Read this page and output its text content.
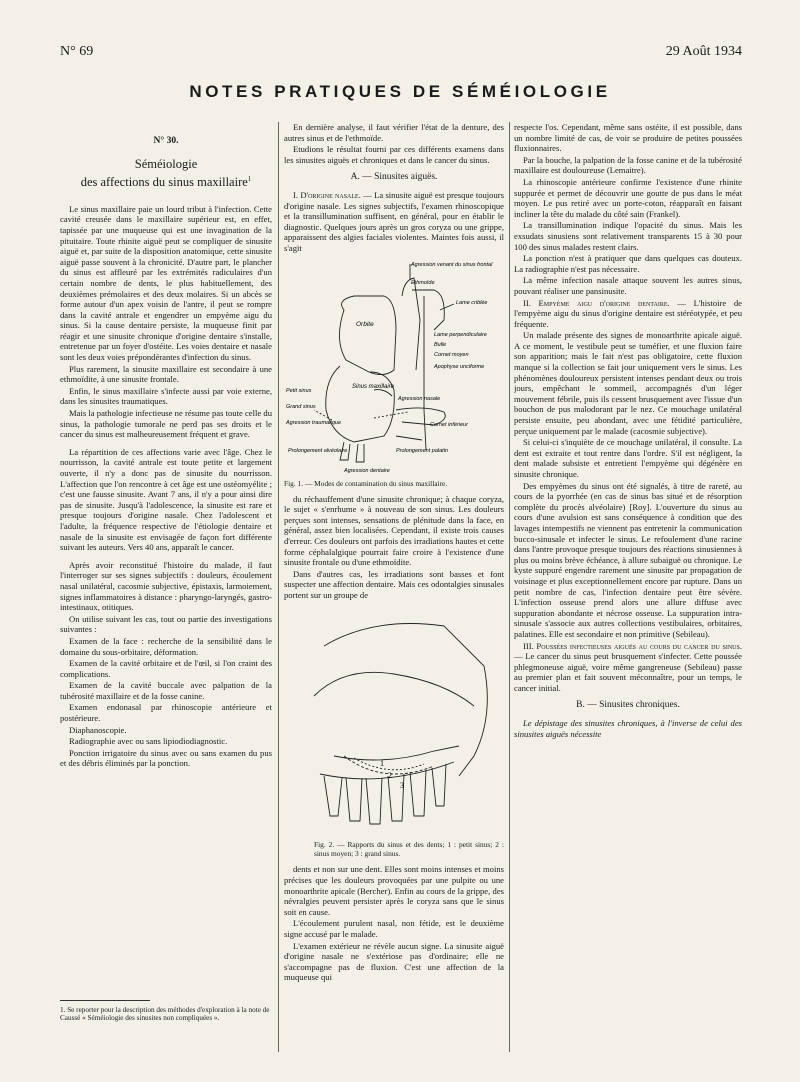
N° 69	29 Août 1934
NOTES PRATIQUES DE SÉMÉIOLOGIE
N° 30.
Séméiologie
des affections du sinus maxillaire$^1$

Le sinus maxillaire paie un lourd tribut à l'infection. Cette cavité creusée dans le maxillaire supérieur est, en effet, tapissée par une muqueuse qui est une invagination de la pituitaire. Toute rhinite aiguë peut se compliquer de sinusite aiguë et, par suite de la disposition anatomique, cette sinusite aiguë passe souvent à la chronicité. D'autre part, le plancher du sinus est affleuré par les extrémités radiculaires d'un certain nombre de dents, le plus habituellement, des deuxièmes prémolaires et des deux molaires. Si un abcès se forme autour d'un apex voisin de l'antre, il peut se rompre dans la cavité antrale et engendrer un empyème aigu du sinus. Si la cause dentaire persiste, la muqueuse finit par réagir et une sinusite chronique d'origine dentaire s'installe, entretenue par un foyer d'ostéite. Les voies dentaire et nasale sont les deux voies prépondérantes d'infection du sinus.

Plus rarement, la sinusite maxillaire est secondaire à une ethmoïdite, à une sinusite frontale.

Enfin, le sinus maxillaire s'infecte aussi par voie externe, dans les sinusites traumatiques.

Mais la pathologie infectieuse ne résume pas toute celle du sinus, la pathologie tumorale ne perd pas ses droits et le cancer du sinus est malheureusement fréquent et grave.

La répartition de ces affections varie avec l'âge. Chez le nourrisson, la cavité antrale est toute petite et largement ouverte, il n'y a donc pas de sinusite du nourrisson. L'affection que l'on rencontre à cet âge est une ostéomyélite ; c'est une fausse sinusite. Avant 7 ans, il n'y a pour ainsi dire pas de sinusite. Jusqu'à l'adolescence, la sinusite est rare et presque toujours d'origine nasale. Chez l'adolescent et l'adulte, la fréquence respective de l'étiologie dentaire et nasale de la sinusite est envisagée de façon fort différente suivant les auteurs. Vers 40 ans, apparaît le cancer.

Après avoir reconstitué l'histoire du malade, il faut l'interroger sur ses signes subjectifs : douleurs, écoulement nasal unilatéral, cacosmie subjective, épistaxis, larmoiement, signes inflammatoires à distance : pharyngo-laryngés, gastro-intestinaux, otitiques.

On utilise suivant les cas, tout ou partie des investigations suivantes :

Examen de la face : recherche de la sensibilité dans le domaine du sous-orbitaire, déformation.

Examen de la cavité orbitaire et de l'œil, si l'on craint des complications.

Examen de la cavité buccale avec palpation de la tubérosité maxillaire et de la fosse canine.

Examen endonasal par rhinoscopie antérieure et postérieure.

Diaphanoscopie.

Radiographie avec ou sans lipiodiodiagnostic.

Ponction irrigatoire du sinus avec ou sans examen du pus et des débris éliminés par la ponction.

1. Se reporter pour la description des méthodes d'exploration à la note de Caussé « Séméiologie des sinusites non compliquées ».

En dernière analyse, il faut vérifier l'état de la denture, des autres sinus et de l'ethmoïde.

Etudions le résultat fourni par ces différents examens dans les sinusites aiguës et chroniques et dans le cancer du sinus.

A. — Sinusites aiguës.

I. D'origine nasale. — La sinusite aiguë est presque toujours d'origine nasale. Les signes subjectifs, l'examen rhinoscopique et la transillumination suffisent, en général, pour en établir le diagnostic. Quelques jours après un gros coryza ou une grippe, apparaissent des algies faciales violentes. Maintes fois aussi, il s'agit

Agression venant du sinus frontal
Ethmoïde
Lame criblée
Orbite
Lame perpendiculaire
Bulle
Cornet moyen
Apophyse unciforme
Sinus maxillaire
Agression nasale
Petit sinus
Grand sinus
Agression traumatique	Cornet inférieur
Prolongement alvéolaire
Agression dentaire
Prolongement palatin

Fig. 1. — Modes de contamination du sinus maxillaire.

du réchauffement d'une sinusite chronique; à chaque coryza, le sujet « s'enrhume » à nouveau de son sinus. Les douleurs perçues sont intenses, sensations de plénitude dans la face, en général, assez bien localisées. Cependant, il existe trois causes d'erreur. Ces douleurs ont parfois des irradiations hautes et cette forme céphalalgique pourrait faire croire à l'existence d'une sinusite frontale ou d'une ethmoïdite.

Dans d'autres cas, les irradiations sont basses et font suspecter une affection dentaire. Mais ces odontalgies sinusales portent sur un groupe de

1
2
3

Fig. 2. — Rapports du sinus et des dents; 1 : petit sinus; 2 : sinus moyen; 3 : grand sinus.

dents et non sur une dent. Elles sont moins intenses et moins précises que les douleurs provoquées par une pulpite ou une monoarthrite apicale (Bercher). Enfin au cours de la grippe, des névralgies peuvent persister après le coryza sans que le sinus soit en cause.

L'écoulement purulent nasal, non fétide, est le deuxième signe accusé par le malade.

L'examen extérieur ne révèle aucun signe. La sinusite aiguë d'origine nasale ne s'extériose pas d'ordinaire; elle ne s'accompagne pas de fluxion. C'est une affection de la muqueuse qui

respecte l'os. Cependant, même sans ostéite, il est possible, dans un nombre limité de cas, de voir se produire de petites poussées fluxionnaires.

Par la bouche, la palpation de la fosse canine et de la tubérosité maxillaire est douloureuse (Lemaitre).

La rhinoscopie antérieure confirme l'existence d'une rhinite suppurée et permet de découvrir une goutte de pus dans le méat moyen. Le pus retiré avec un porte-coton, réapparaît en faisant incliner la tête du malade du côté sain (Frankel).

La transillumination indique l'opacité du sinus. Mais les exsudats sinusiens sont relativement transparents 15 à 30 pour 100 des sinus malades restent clairs.

La ponction n'est à pratiquer que dans quelques cas douteux. La radiographie n'est pas nécessaire.

La même infection nasale attaque souvent les autres sinus, pouvant réaliser une pansinusite.

II. Empyème aigu d'origine dentaire. — L'histoire de l'empyème aigu du sinus d'origine dentaire est stéréotypée, et peu fréquente.

Un malade présente des signes de monoarthrite apicale aiguë. A ce moment, le vestibule peut se tuméfier, et une fluxion faire son apparition; mais le fait n'est pas obligatoire, cette fluxion manque si la collection se fait jour uniquement vers le sinus. Les phénomènes douloureux persistent intenses pendant deux ou trois jours, empêchant le sommeil, accompagnés d'un léger mouvement fébrile, puis ils cessent brusquement avec l'issue d'un bouchon de pus malodorant par le nez. Ce mouchage unilatéral persiste ensuite, peu abondant, avec une fétidité particulière, perçue uniquement par le malade (cacosmie subjective).

Si celui-ci s'inquiète de ce mouchage unilatéral, il consulte. La dent est extraite et tout rentre dans l'ordre. S'il est négligent, la dent malade subsiste et entretient l'empyème qui dégénère en sinusite chronique.

Des empyèmes du sinus ont été signalés, à titre de rareté, au cours de la pyorrhée (en cas de sinus bas situé et de résorption complète du procès alvéolaire) [Roy]. L'ouverture du sinus au cours d'une avulsion est sans conséquence à condition que des lavages intempestifs ne viennent pas entretenir la communication bucco-sinusale et infecter le sinus. Le refoulement d'une racine dans l'antre provoque presque toujours des réactions sinusiennes à plus ou moins brève échéance, à allure subaiguë ou chronique. Le kyste suppuré engendre rarement une sinusite par propagation de voisinage et plus exceptionnellement encore par rupture. Dans un petit nombre de cas, l'infection dentaire peut être sévère. L'infection osseuse prend alors une allure diffuse avec suppuration abondante et nécrose osseuse. La suppuration intra-sinusale s'associe aux autres collections vestibulaires, orbitaires, palatines. Elle est secondaire et non primitive (Sebileau).

III. Poussées infectieuses aiguës au cours du cancer du sinus. — Le cancer du sinus peut brusquement s'infecter. Cette poussée phlegmoneuse aiguë, voire même gangreneuse (Sebileau) passe au premier plan et fait souvent méconnaître, pour un temps, le cancer initial.

B. — Sinusites chroniques.

Le dépistage des sinusites chroniques, à l'inverse de celui des sinusites aiguës nécessite
